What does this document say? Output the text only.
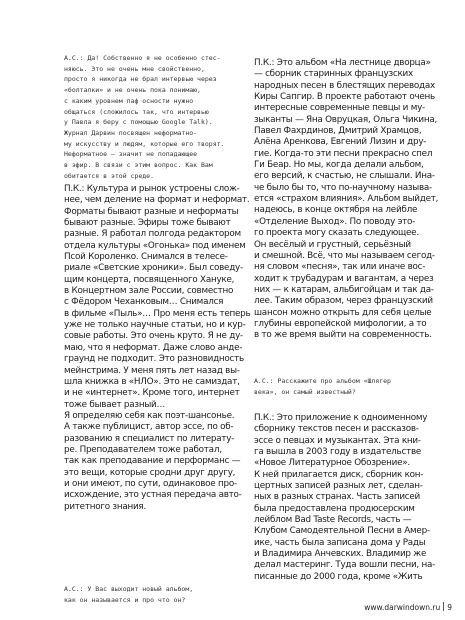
А.С.: Да! Собственно я не особенно стес-
няюсь. Это не очень мне свойственно,
просто я никогда не брал интервью через
«болталки» и не очень пока понимаю,
с каким уровнем паф осности нужно
общаться (сложилось так, что интервью
у Павла я беру с помощью Google Talk).
Журнал Дарвин посвящен неформатно-
му искусству и людям, которые его творят.
Неформатное — значит не попадающее
в эфир. В связи с этим вопрос. Как Вам
обитается в этой среде.

П.К.: Культура и рынок устроены слож-
нее, чем деление на формат и неформат.
Форматы бывают разные и неформаты
бывают разные. Эфиры тоже бывают
разные. Я работал полгода редактором
отдела культуры «Огонька» под именем
Псой Короленко. Снимался в телесе-
риале «Светские хроники». Был соведу-
щим концерта, посвященного Хануке,
в Концертном зале России, совместно
с Фёдором Чеханковым… Снимался
в фильме «Пыль»… Про меня есть теперь
уже не только научные статьи, но и кур-
совые работы. Это очень круто. Я не ду-
маю, что я неформат. Даже слово андe-
граунд не подходит. Это разновидность
мейнстрима. У меня пять лет назад вы-
шла книжка в «НЛО». Это не самиздат,
и не «интернет». Кроме того, интернет
тоже бывает разный…
Я определяю себя как поэт-шансонье.
А также публицист, автор эссе, по об-
разованию я специалист по литерату-
ре. Преподавателем тоже работал,
так как преподавание и перформанс —
это вещи, которые сродни друг другу,
и они имеют, по сути, одинаковое про-
исхождение, это устная передача авто-
ритетного знания.

А.С.: У Вас выходит новый альбом,
как он называется и про что он?

П.К.: Это альбом «На лестнице дворца»
— сборник старинных французских
народных песен в блестящих переводах
Киры Сапгир. В проекте работают очень
интересные современные певцы и му-
зыканты — Яна Овруцкая, Ольга Чикина,
Павел Фахрдинов, Дмитрий Храмцов,
Алёна Аренкова, Евгений Лизин и дру-
гие. Когда-то эти песни прекрасно спел
Ги Беар. Но мы, когда делали альбом,
его версий, к счастью, не слышали. Ина-
че было бы то, что по-научному называ-
ется «страхом влияния». Альбом выйдет,
надеюсь, в конце октября на лейбле
«Отделение Выход». По поводу это-
го проекта могу сказать следующее.
Он весёлый и грустный, серьёзный
и смешной. Всё, что мы называем сегод-
ня словом «песня», так или иначе вос-
ходит к трубадурам и вагантам, а через
них — к катарам, альбигойцам и так да-
лее. Таким образом, через французский
шансон можно открыть для себя целые
глубины европейской мифологии, а то
в то же время выйти на современность.

А.С.: Расскажите про альбом «Шлягер
века», он самый известный?

П.К.: Это приложение к одноименному
сборнику текстов песен и рассказов-
эссе о певцах и музыкантах. Эта кни-
га вышла в 2003 году в издательстве
«Новое Литературное Обозрение».
К ней прилагается диск, сборник кон-
цертных записей разных лет, сделан-
ных в разных странах. Часть записей
была предоставлена продюсерским
лейблом Bad Taste Records, часть —
Клубом Самодеятельной Песни в Амер-
ике, часть была записана дома у Рады
и Владимира Анчевских. Владимир же
делал мастеринг. Туда вошли песни, на-
писанные до 2000 года, кроме «Жить

www.darwindown.ru 9
